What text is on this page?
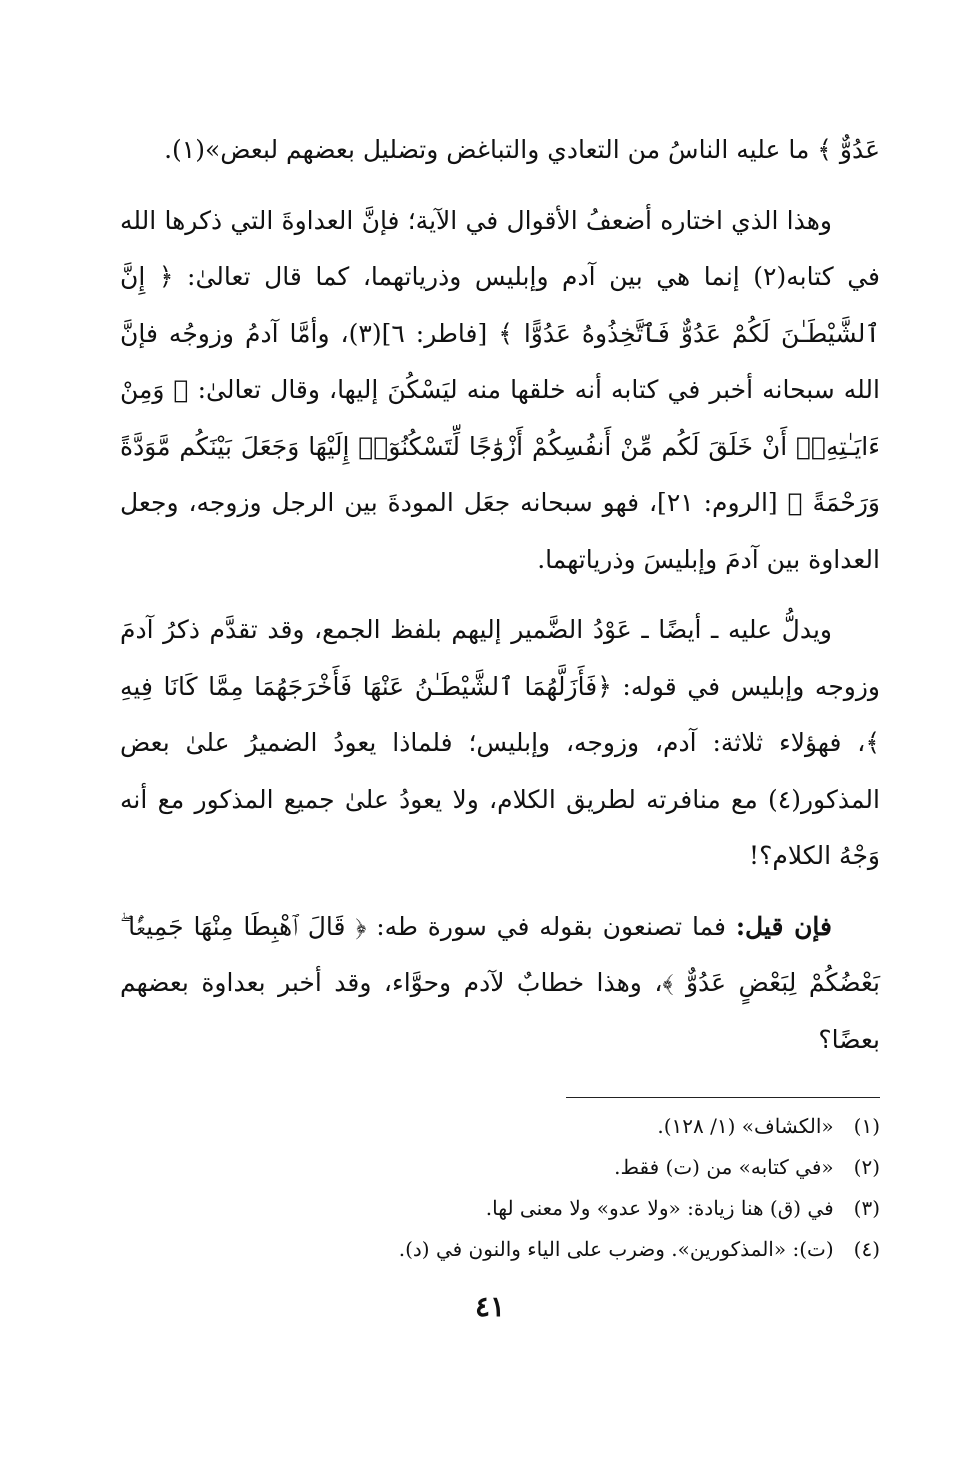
عَدُوٌّ ﴾ ما عليه الناسُ من التعادي والتباغض وتضليل بعضهم لبعض»(١).

وهذا الذي اختاره أضعفُ الأقوال في الآية؛ فإنَّ العداوةَ التي ذكرها الله في كتابه(٢) إنما هي بين آدم وإبليس وذرياتهما، كما قال تعالىٰ: ﴿ إِنَّ ٱلشَّيْطَـٰنَ لَكُمْ عَدُوٌّ فَٱتَّخِذُوهُ عَدُوًّا ﴾ [فاطر: ٦](٣)، وأمَّا آدمُ وزوجُه فإنَّ الله سبحانه أخبر في كتابه أنه خلقها منه ليَسْكُنَ إليها، وقال تعالىٰ: ﴿ وَمِنْ ءَايَـٰتِهِۦٓ أَنْ خَلَقَ لَكُم مِّنْ أَنفُسِكُمْ أَزْوَٰجًا لِّتَسْكُنُوٓا۟ إِلَيْهَا وَجَعَلَ بَيْنَكُم مَّوَدَّةً وَرَحْمَةً ﴾ [الروم: ٢١]، فهو سبحانه جعَل المودةَ بين الرجل وزوجه، وجعل العداوة بين آدمَ وإبليسَ وذرياتهما.

ويدلُّ عليه ـ أيضًا ـ عَوْدُ الضَّمير إليهم بلفظ الجمع، وقد تقدَّم ذكرُ آدمَ وزوجه وإبليس في قوله: ﴿فَأَزَلَّهُمَا ٱلشَّيْطَـٰنُ عَنْهَا فَأَخْرَجَهُمَا مِمَّا كَانَا فِيهِ ﴾، فهؤلاء ثلاثة: آدم، وزوجه، وإبليس؛ فلماذا يعودُ الضميرُ علىٰ بعض المذكور(٤) مع منافرته لطريق الكلام، ولا يعودُ علىٰ جميع المذكور مع أنه وَجْهُ الكلام؟!

فإن قيل: فما تصنعون بقوله في سورة طه: ﴿ قَالَ ٱهْبِطَا مِنْهَا جَمِيعًۢا ۖ بَعْضُكُمْ لِبَعْضٍ عَدُوٌّ ﴾، وهذا خطابٌ لآدم وحوَّاء، وقد أخبر بعداوة بعضهم بعضًا؟

(١) «الكشاف» (١/ ١٢٨).

(٢) «في كتابه» من (ت) فقط.

(٣) في (ق) هنا زيادة: «ولا عدو» ولا معنى لها.

(٤) (ت): «المذكورين». وضرب على الياء والنون في (د).

٤١
